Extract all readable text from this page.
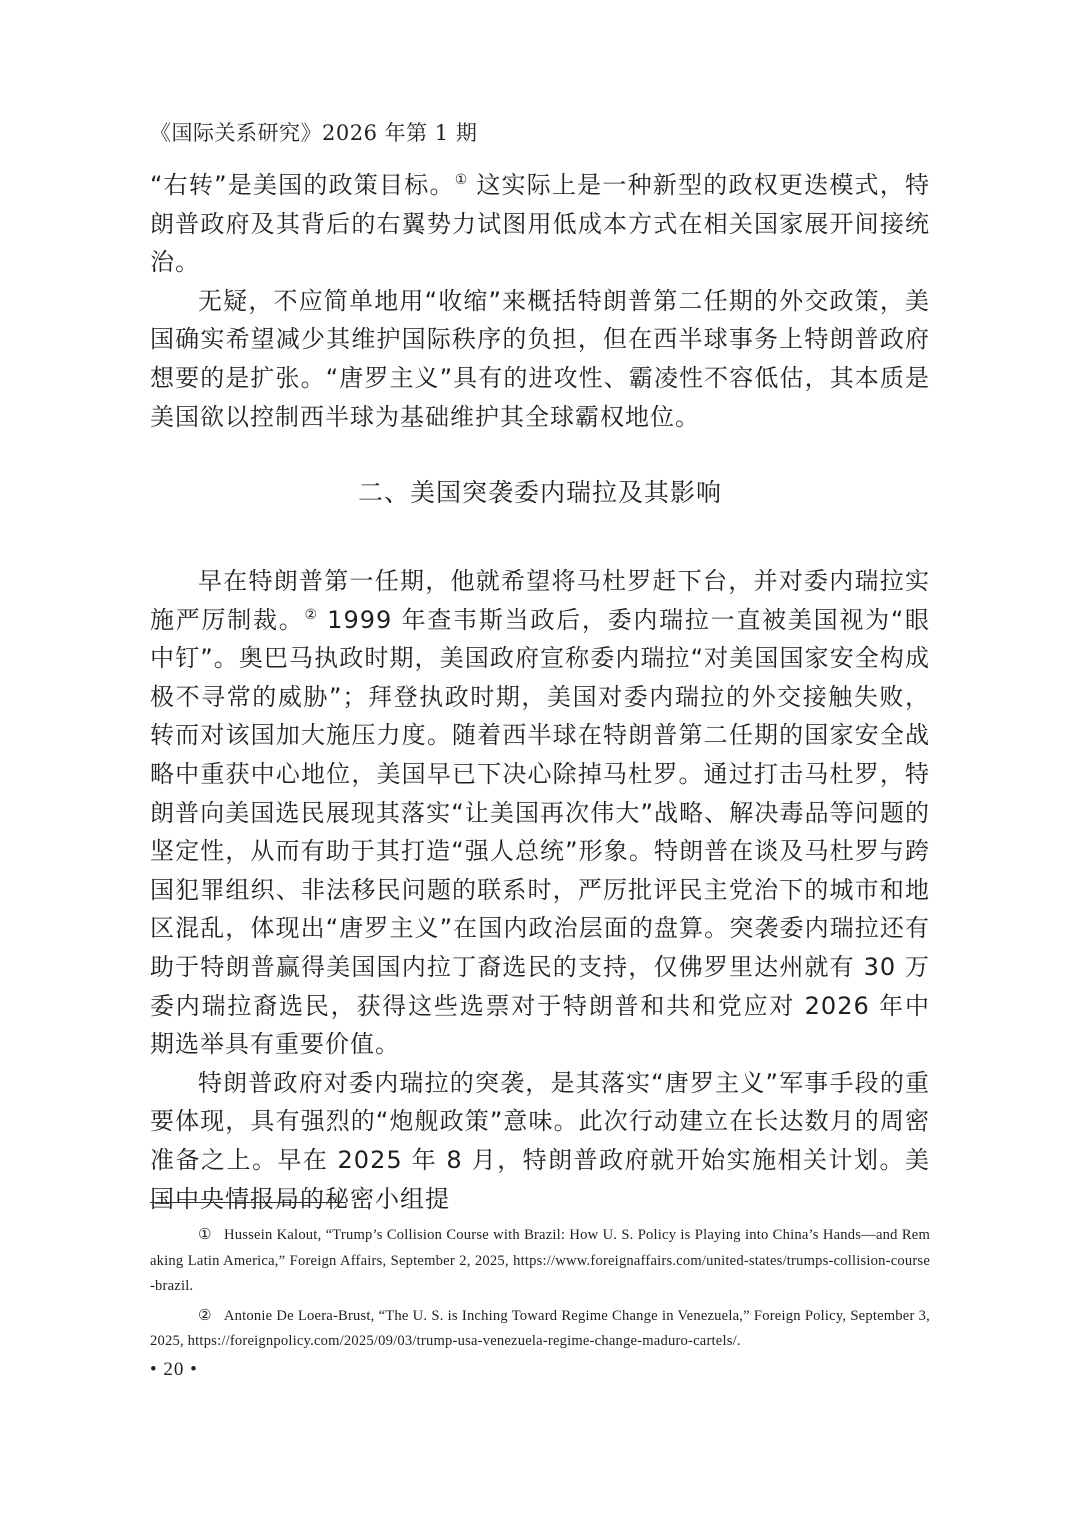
《国际关系研究》2026 年第 1 期

“右转”是美国的政策目标。① 这实际上是一种新型的政权更迭模式，特朗普政府及其背后的右翼势力试图用低成本方式在相关国家展开间接统治。

无疑，不应简单地用“收缩”来概括特朗普第二任期的外交政策，美国确实希望减少其维护国际秩序的负担，但在西半球事务上特朗普政府想要的是扩张。“唐罗主义”具有的进攻性、霸凌性不容低估，其本质是美国欲以控制西半球为基础维护其全球霸权地位。

二、美国突袭委内瑞拉及其影响

早在特朗普第一任期，他就希望将马杜罗赶下台，并对委内瑞拉实施严厉制裁。② 1999 年查韦斯当政后，委内瑞拉一直被美国视为“眼中钉”。奥巴马执政时期，美国政府宣称委内瑞拉“对美国国家安全构成极不寻常的威胁”；拜登执政时期，美国对委内瑞拉的外交接触失败，转而对该国加大施压力度。随着西半球在特朗普第二任期的国家安全战略中重获中心地位，美国早已下决心除掉马杜罗。通过打击马杜罗，特朗普向美国选民展现其落实“让美国再次伟大”战略、解决毒品等问题的坚定性，从而有助于其打造“强人总统”形象。特朗普在谈及马杜罗与跨国犯罪组织、非法移民问题的联系时，严厉批评民主党治下的城市和地区混乱，体现出“唐罗主义”在国内政治层面的盘算。突袭委内瑞拉还有助于特朗普赢得美国国内拉丁裔选民的支持，仅佛罗里达州就有 30 万委内瑞拉裔选民，获得这些选票对于特朗普和共和党应对 2026 年中期选举具有重要价值。

特朗普政府对委内瑞拉的突袭，是其落实“唐罗主义”军事手段的重要体现，具有强烈的“炮舰政策”意味。此次行动建立在长达数月的周密准备之上。早在 2025 年 8 月，特朗普政府就开始实施相关计划。美国中央情报局的秘密小组提

① Hussein Kalout, “Trump’s Collision Course with Brazil: How U. S. Policy is Playing into China’s Hands—and Remaking Latin America,” Foreign Affairs, September 2, 2025, https://www.foreignaffairs.com/united-states/trumps-collision-course-brazil.

② Antonie De Loera-Brust, “The U. S. is Inching Toward Regime Change in Venezuela,” Foreign Policy, September 3, 2025, https://foreignpolicy.com/2025/09/03/trump-usa-venezuela-regime-change-maduro-cartels/.

• 20 •
